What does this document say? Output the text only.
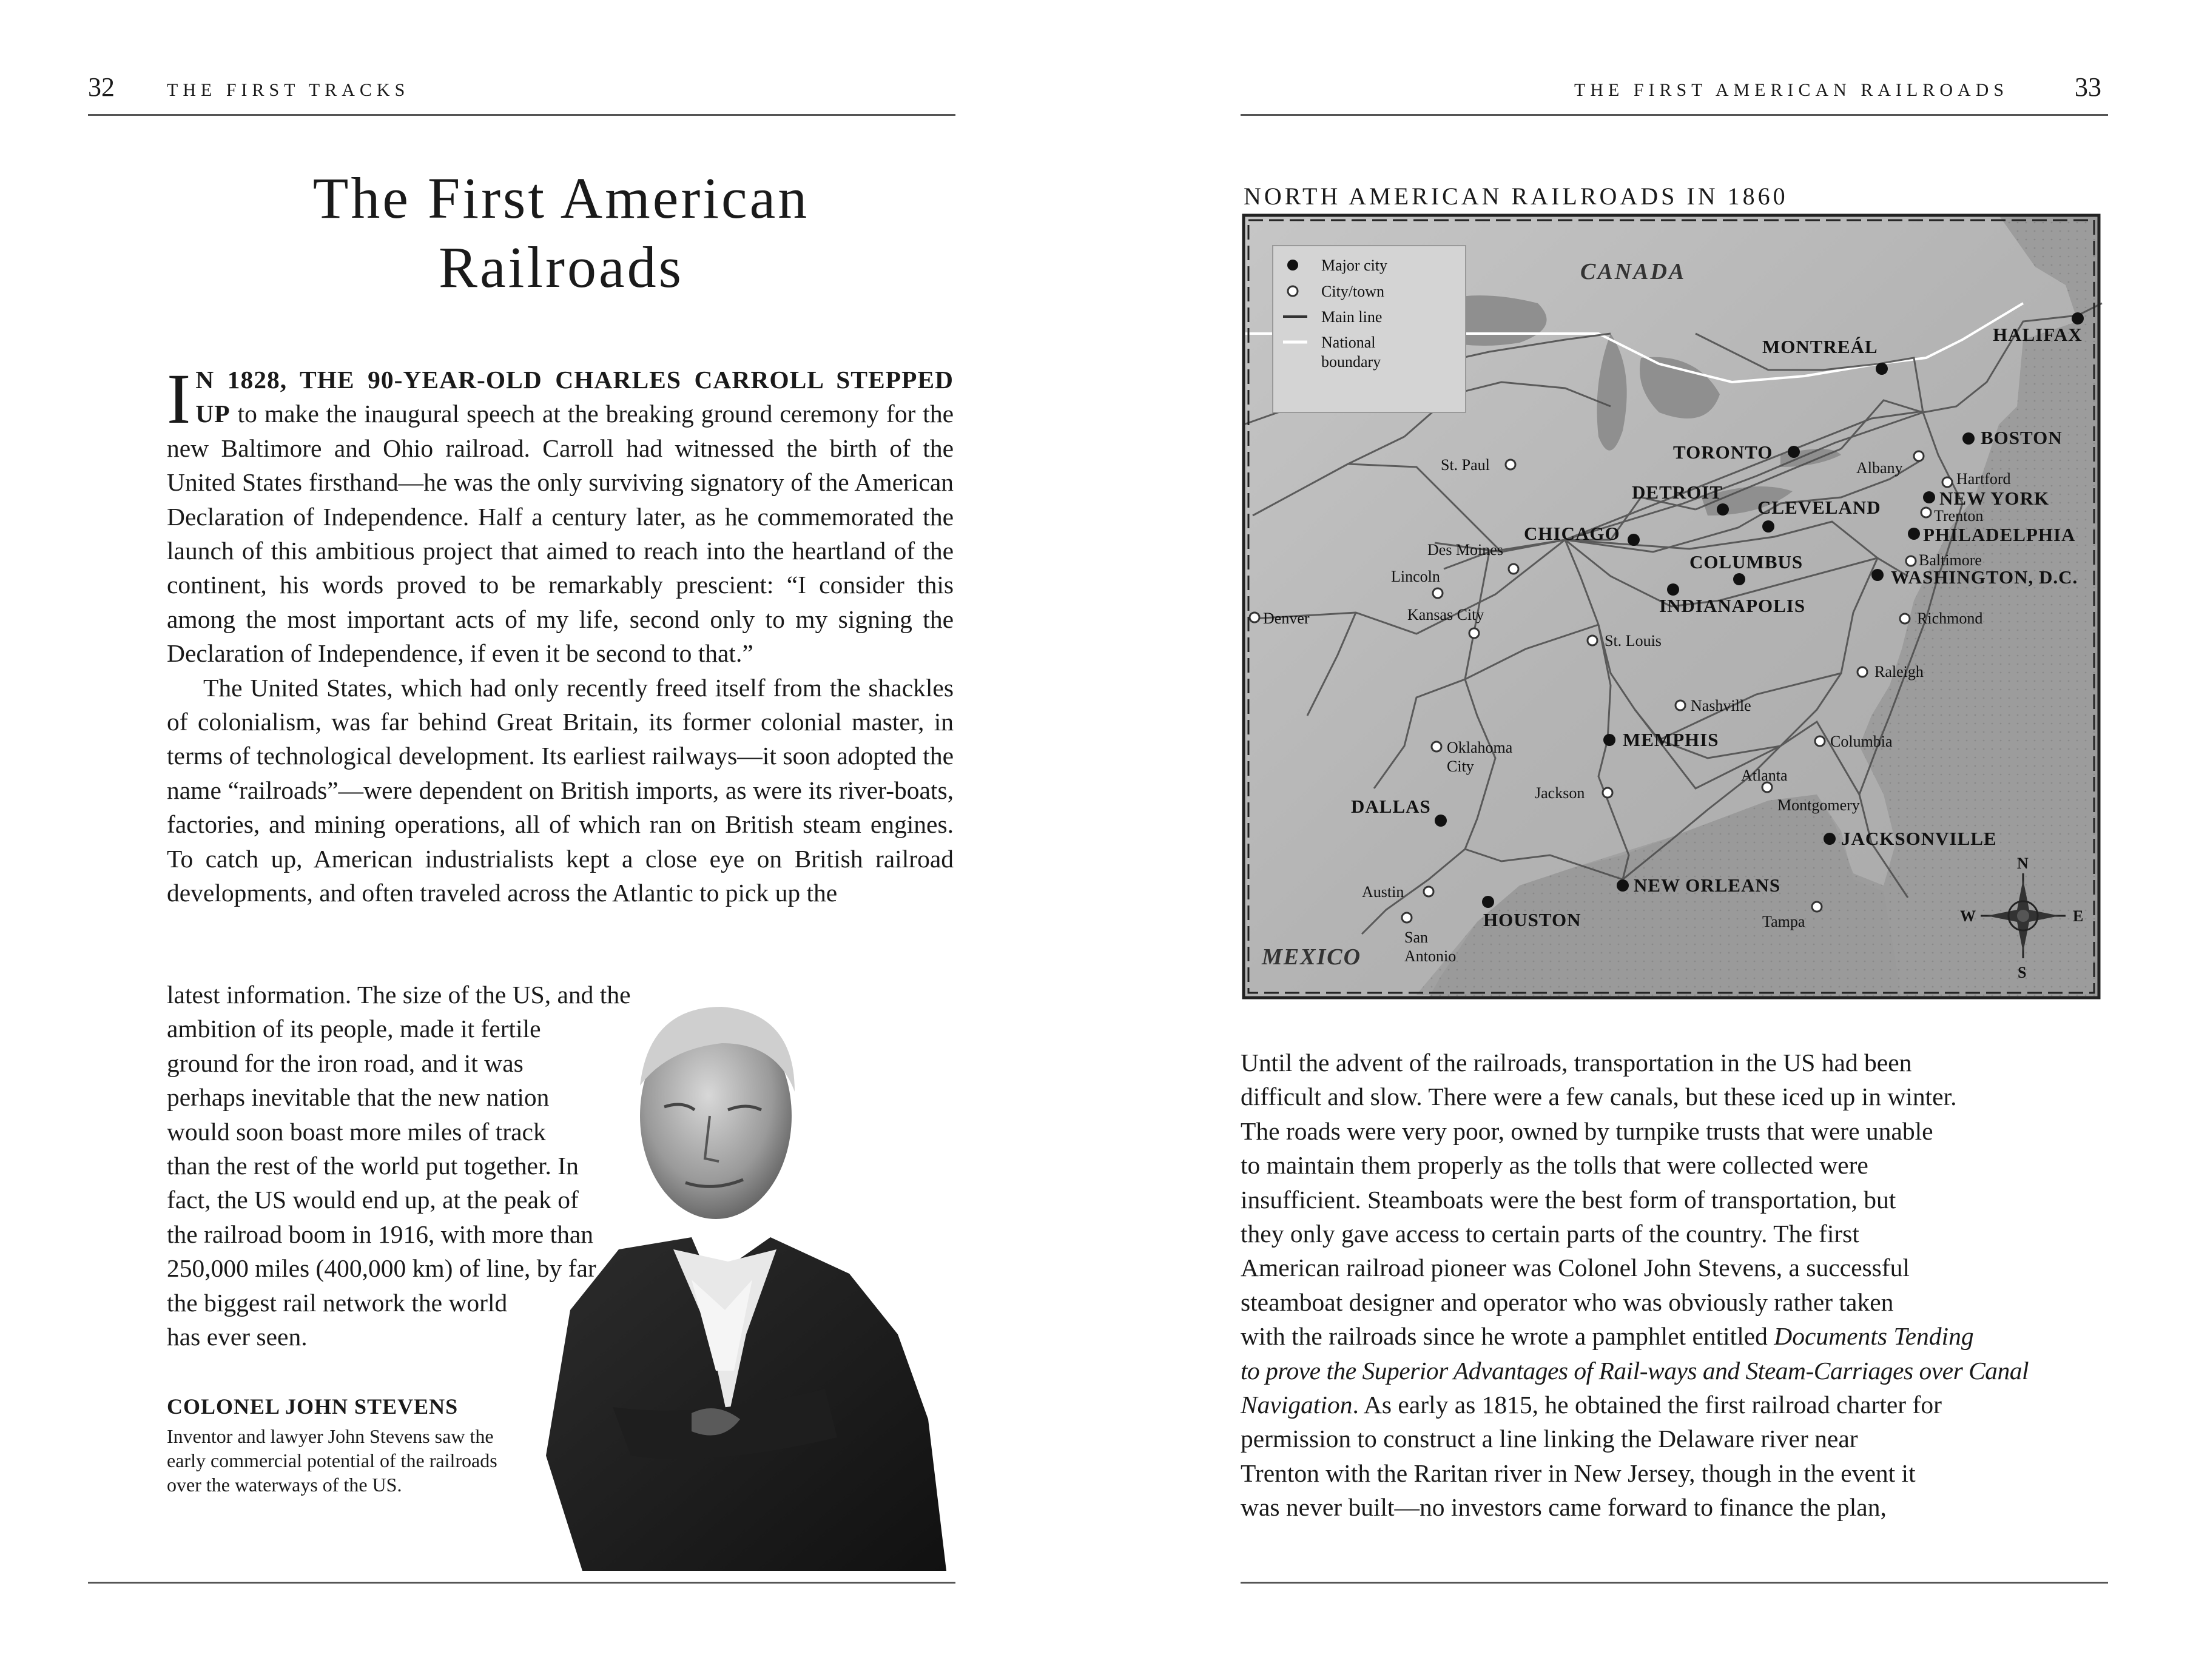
32	THE FIRST TRACKS
The First American
Railroads

I N 1828, THE 90-YEAR-OLD CHARLES CARROLL STEPPED UP to make the inaugural speech at the breaking ground ceremony for the new Baltimore and Ohio railroad. Carroll had witnessed the birth of the United States firsthand—he was the only surviving signatory of the American Declaration of Independence. Half a century later, as he commemorated the launch of this ambitious project that aimed to reach into the heartland of the continent, his words proved to be remarkably prescient: “I consider this among the most important acts of my life, second only to my signing the Declaration of Independence, if even it be second to that.”

The United States, which had only recently freed itself from the shackles of colonialism, was far behind Great Britain, its former colonial master, in terms of technological development. Its earliest railways—it soon adopted the name “railroads”—were dependent on British imports, as were its river-boats, factories, and mining operations, all of which ran on British steam engines. To catch up, American industrialists kept a close eye on British railroad developments, and often traveled across the Atlantic to pick up the

latest information. The size of the US, and the
ambition of its people, made it fertile
ground for the iron road, and it was
perhaps inevitable that the new nation
would soon boast more miles of track
than the rest of the world put together. In
fact, the US would end up, at the peak of
the railroad boom in 1916, with more than
250,000 miles (400,000 km) of line, by far
the biggest rail network the world
has ever seen.
COLONEL JOHN STEVENS
Inventor and lawyer John Stevens saw the early commercial potential of the railroads over the waterways of the US.
THE FIRST AMERICAN RAILROADS 33
NORTH AMERICAN RAILROADS IN 1860
Major city
City/town
Main line
National
boundary
CANADA
MEXICO
HALIFAX
MONTREÁL
BOSTON
TORONTO
DETROIT
CLEVELAND	NEW YORK
PHILADELPHIA
CHICAGO
COLUMBUS
WASHINGTON, D.C.
INDIANAPOLIS
MEMPHIS
DALLAS
JACKSONVILLE
NEW ORLEANS
HOUSTON
St. Paul	Albany
Hartford
Trenton
Des Moines
Baltimore
Lincoln
Kansas City
Denver	Richmond
St. Louis
Raleigh
Nashville
Oklahoma
City
Columbia
Atlanta
Montgomery
Jackson
Austin
Tampa
San
Antonio
N
S
E
W
Until the advent of the railroads, transportation in the US had been
difficult and slow. There were a few canals, but these iced up in winter.
The roads were very poor, owned by turnpike trusts that were unable
to maintain them properly as the tolls that were collected were
insufficient. Steamboats were the best form of transportation, but
they only gave access to certain parts of the country. The first
American railroad pioneer was Colonel John Stevens, a successful
steamboat designer and operator who was obviously rather taken
with the railroads since he wrote a pamphlet entitled Documents Tending
to prove the Superior Advantages of Rail-ways and Steam-Carriages over Canal
Navigation. As early as 1815, he obtained the first railroad charter for
permission to construct a line linking the Delaware river near
Trenton with the Raritan river in New Jersey, though in the event it
was never built—no investors came forward to finance the plan,
